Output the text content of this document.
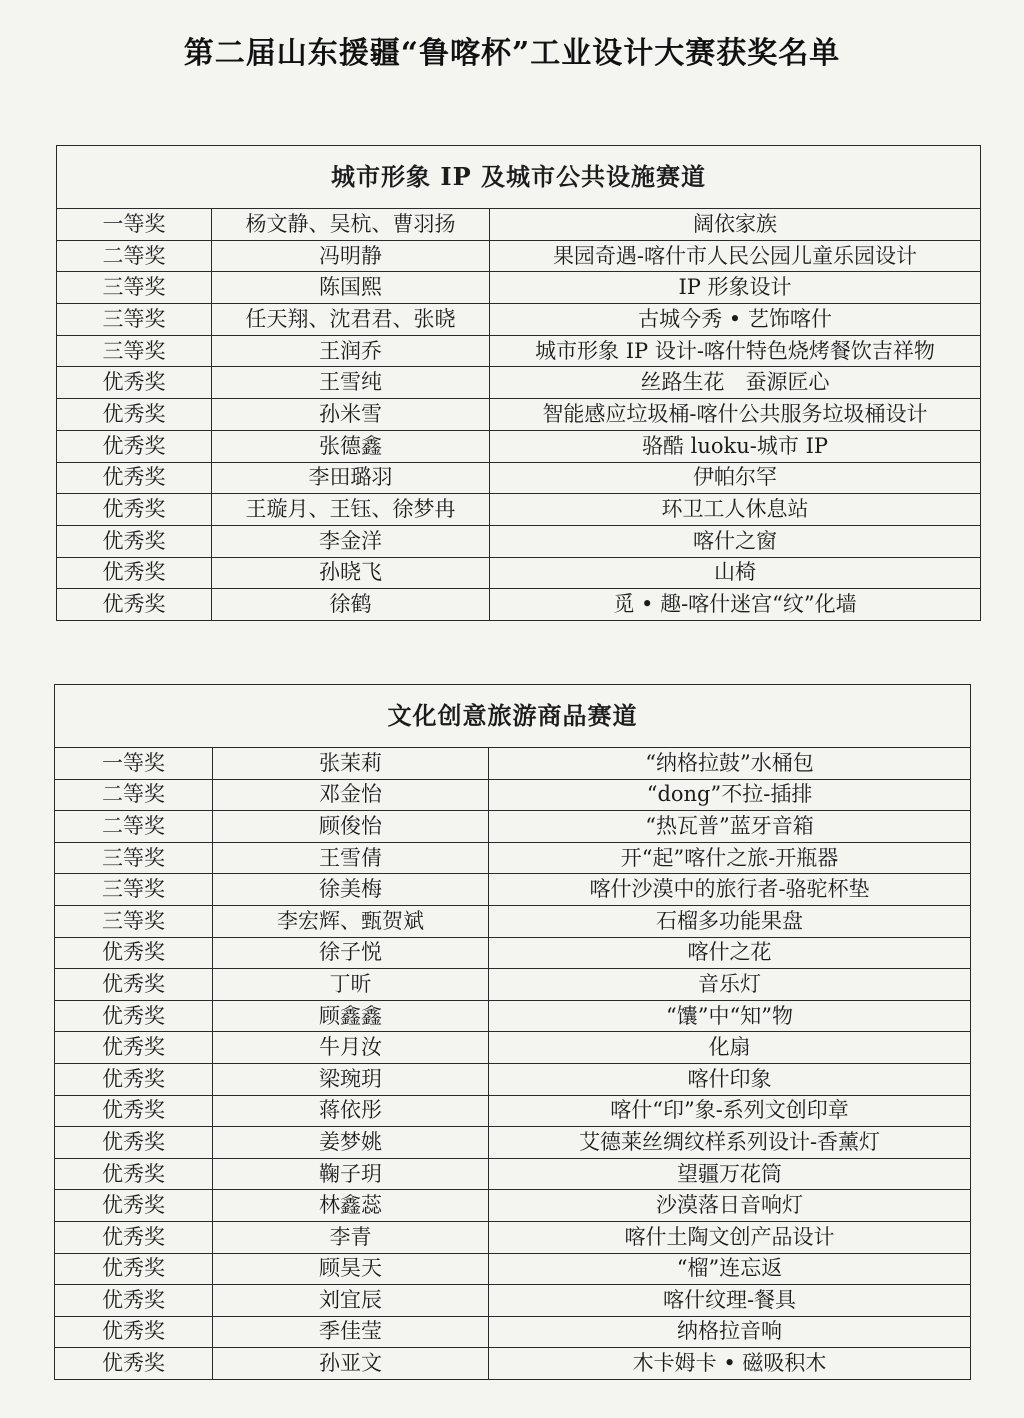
第二届山东援疆“鲁喀杯”工业设计大赛获奖名单
城市形象 IP 及城市公共设施赛道		
一等奖	杨文静、吴杭、曹羽扬	阔依家族
二等奖	冯明静	果园奇遇-喀什市人民公园儿童乐园设计
三等奖	陈国熙	IP 形象设计
三等奖	任天翔、沈君君、张晓	古城今秀 • 艺饰喀什
三等奖	王润乔	城市形象 IP 设计-喀什特色烧烤餐饮吉祥物
优秀奖	王雪纯	丝路生花　蚕源匠心
优秀奖	孙米雪	智能感应垃圾桶-喀什公共服务垃圾桶设计
优秀奖	张德鑫	骆酷 luoku-城市 IP
优秀奖	李田璐羽	伊帕尔罕
优秀奖	王璇月、王钰、徐梦冉	环卫工人休息站
优秀奖	李金洋	喀什之窗
优秀奖	孙晓飞	山椅
优秀奖	徐鹤	觅 • 趣-喀什迷宫“纹”化墙
文化创意旅游商品赛道		
一等奖	张茉莉	“纳格拉鼓”水桶包
二等奖	邓金怡	“dong”不拉-插排
二等奖	顾俊怡	“热瓦普”蓝牙音箱
三等奖	王雪倩	开“起”喀什之旅-开瓶器
三等奖	徐美梅	喀什沙漠中的旅行者-骆驼杯垫
三等奖	李宏辉、甄贺斌	石榴多功能果盘
优秀奖	徐子悦	喀什之花
优秀奖	丁昕	音乐灯
优秀奖	顾鑫鑫	“馕”中“知”物
优秀奖	牛月汝	化扇
优秀奖	梁琬玥	喀什印象
优秀奖	蒋依彤	喀什“印”象-系列文创印章
优秀奖	姜梦姚	艾德莱丝绸纹样系列设计-香薰灯
优秀奖	鞠子玥	望疆万花筒
优秀奖	林鑫蕊	沙漠落日音响灯
优秀奖	李青	喀什土陶文创产品设计
优秀奖	顾昊天	“榴”连忘返
优秀奖	刘宜辰	喀什纹理-餐具
优秀奖	季佳莹	纳格拉音响
优秀奖	孙亚文	木卡姆卡 • 磁吸积木
